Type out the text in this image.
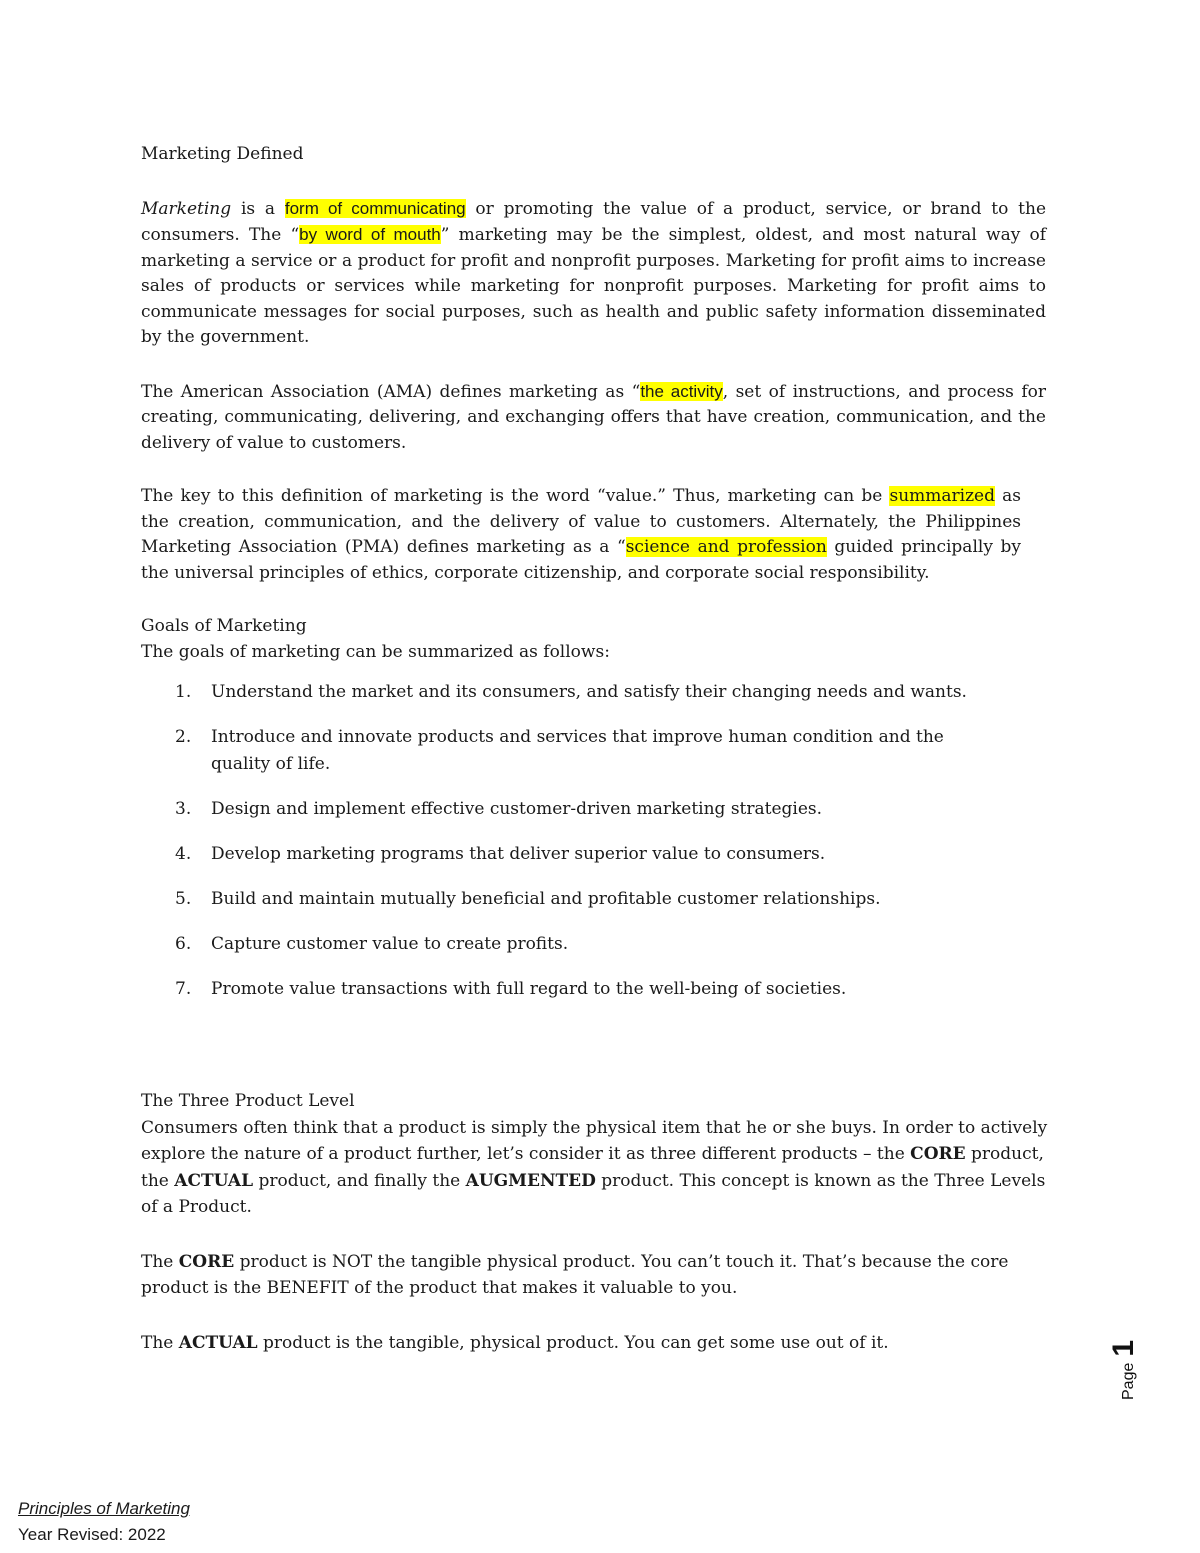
Marketing Defined

Marketing is a form of communicating or promoting the value of a product, service, or brand to the consumers. The “by word of mouth” marketing may be the simplest, oldest, and most natural way of marketing a service or a product for profit and nonprofit purposes. Marketing for profit aims to increase sales of products or services while marketing for nonprofit purposes. Marketing for profit aims to communicate messages for social purposes, such as health and public safety information disseminated by the government.

The American Association (AMA) defines marketing as “the activity, set of instructions, and process for creating, communicating, delivering, and exchanging offers that have creation, communication, and the delivery of value to customers.

The key to this definition of marketing is the word “value.” Thus, marketing can be summarized as the creation, communication, and the delivery of value to customers. Alternately, the Philippines Marketing Association (PMA) defines marketing as a “science and profession guided principally by the universal principles of ethics, corporate citizenship, and corporate social responsibility.

Goals of Marketing

The goals of marketing can be summarized as follows:

1. Understand the market and its consumers, and satisfy their changing needs and wants.
2. Introduce and innovate products and services that improve human condition and the quality of life.
3. Design and implement effective customer-driven marketing strategies.
4. Develop marketing programs that deliver superior value to consumers.
5. Build and maintain mutually beneficial and profitable customer relationships.
6. Capture customer value to create profits.
7. Promote value transactions with full regard to the well-being of societies.

The Three Product Level

Consumers often think that a product is simply the physical item that he or she buys. In order to actively explore the nature of a product further, let’s consider it as three different products – the CORE product, the ACTUAL product, and finally the AUGMENTED product. This concept is known as the Three Levels of a Product.

The CORE product is NOT the tangible physical product. You can’t touch it. That’s because the core product is the BENEFIT of the product that makes it valuable to you.

The ACTUAL product is the tangible, physical product. You can get some use out of it.

Page1
Principles of Marketing
Year Revised: 2022
